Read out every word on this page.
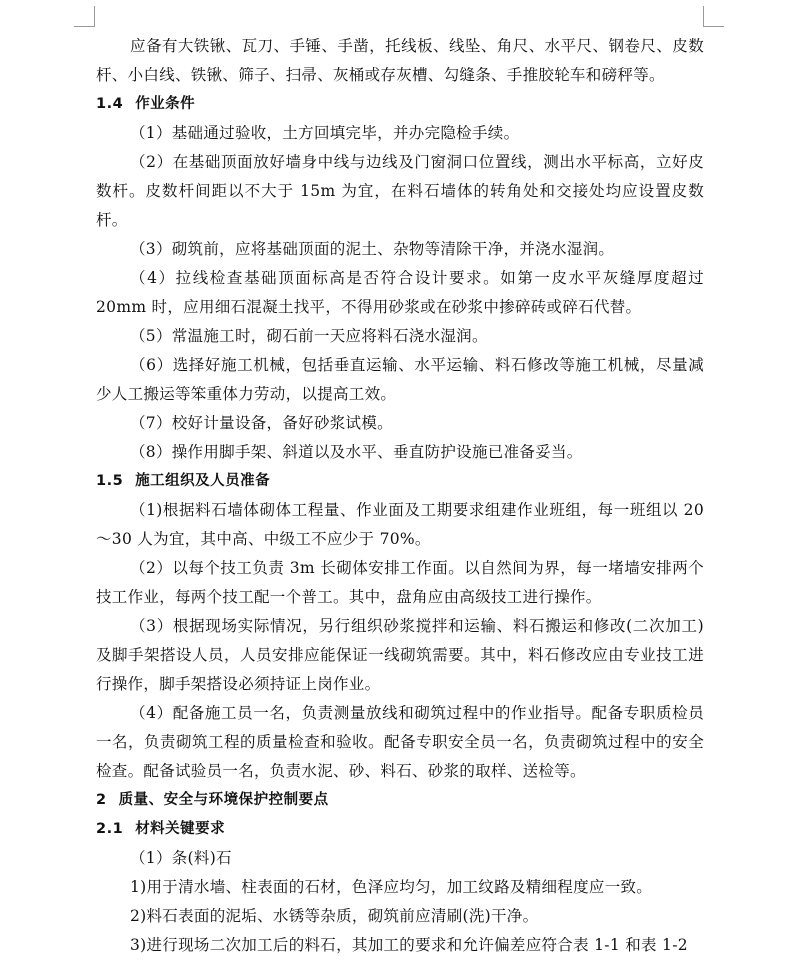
应备有大铁锹、瓦刀、手锤、手凿，托线板、线坠、角尺、水平尺、钢卷尺、皮数杆、小白线、铁锹、筛子、扫帚、灰桶或存灰槽、勾缝条、手推胶轮车和磅秤等。

1.4 作业条件

（1）基础通过验收，土方回填完毕，并办完隐检手续。

（2）在基础顶面放好墙身中线与边线及门窗洞口位置线，测出水平标高，立好皮数杆。皮数杆间距以不大于 15m 为宜，在料石墙体的转角处和交接处均应设置皮数杆。

（3）砌筑前，应将基础顶面的泥土、杂物等清除干净，并浇水湿润。

（4）拉线检查基础顶面标高是否符合设计要求。如第一皮水平灰缝厚度超过 20mm 时，应用细石混凝土找平，不得用砂浆或在砂浆中掺碎砖或碎石代替。

（5）常温施工时，砌石前一天应将料石浇水湿润。

（6）选择好施工机械，包括垂直运输、水平运输、料石修改等施工机械，尽量减少人工搬运等笨重体力劳动，以提高工效。

（7）校好计量设备，备好砂浆试模。

（8）操作用脚手架、斜道以及水平、垂直防护设施已准备妥当。

1.5 施工组织及人员准备

（1)根据料石墙体砌体工程量、作业面及工期要求组建作业班组，每一班组以 20～30 人为宜，其中高、中级工不应少于 70%。

（2）以每个技工负责 3m 长砌体安排工作面。以自然间为界，每一堵墙安排两个技工作业，每两个技工配一个普工。其中，盘角应由高级技工进行操作。

（3）根据现场实际情况，另行组织砂浆搅拌和运输、料石搬运和修改(二次加工)及脚手架搭设人员，人员安排应能保证一线砌筑需要。其中，料石修改应由专业技工进行操作，脚手架搭设必须持证上岗作业。

（4）配备施工员一名，负责测量放线和砌筑过程中的作业指导。配备专职质检员一名，负责砌筑工程的质量检查和验收。配备专职安全员一名，负责砌筑过程中的安全检查。配备试验员一名，负责水泥、砂、料石、砂浆的取样、送检等。

2 质量、安全与环境保护控制要点

2.1 材料关键要求

（1）条(料)石

1)用于清水墙、柱表面的石材，色泽应均匀，加工纹路及精细程度应一致。

2)料石表面的泥垢、水锈等杂质，砌筑前应清刷(洗)干净。

3)进行现场二次加工后的料石，其加工的要求和允许偏差应符合表 1-1 和表 1-2
